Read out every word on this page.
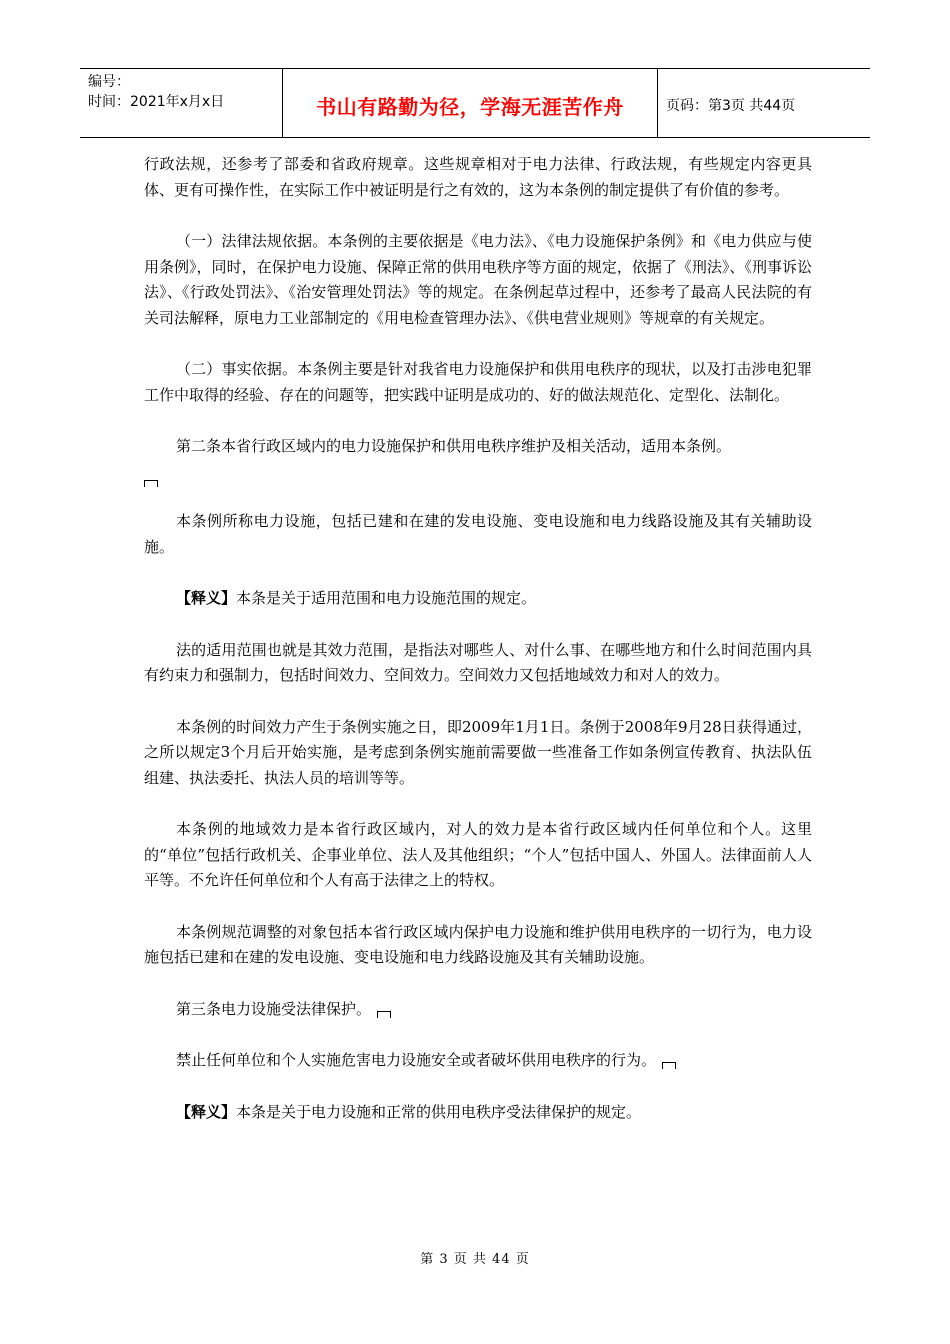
编号：
时间：2021年x月x日	书山有路勤为径，学海无涯苦作舟	页码：第3页 共44页

行政法规，还参考了部委和省政府规章。这些规章相对于电力法律、行政法规，有些规定内容更具体、更有可操作性，在实际工作中被证明是行之有效的，这为本条例的制定提供了有价值的参考。

（一）法律法规依据。本条例的主要依据是《电力法》、《电力设施保护条例》和《电力供应与使用条例》，同时，在保护电力设施、保障正常的供用电秩序等方面的规定，依据了《刑法》、《刑事诉讼法》、《行政处罚法》、《治安管理处罚法》等的规定。在条例起草过程中，还参考了最高人民法院的有关司法解释，原电力工业部制定的《用电检查管理办法》、《供电营业规则》等规章的有关规定。

（二）事实依据。本条例主要是针对我省电力设施保护和供用电秩序的现状，以及打击涉电犯罪工作中取得的经验、存在的问题等，把实践中证明是成功的、好的做法规范化、定型化、法制化。

第二条本省行政区域内的电力设施保护和供用电秩序维护及相关活动，适用本条例。

本条例所称电力设施，包括已建和在建的发电设施、变电设施和电力线路设施及其有关辅助设施。

【释义】本条是关于适用范围和电力设施范围的规定。

法的适用范围也就是其效力范围，是指法对哪些人、对什么事、在哪些地方和什么时间范围内具有约束力和强制力，包括时间效力、空间效力。空间效力又包括地域效力和对人的效力。

本条例的时间效力产生于条例实施之日，即2009年1月1日。条例于2008年9月28日获得通过，之所以规定3个月后开始实施，是考虑到条例实施前需要做一些准备工作如条例宣传教育、执法队伍组建、执法委托、执法人员的培训等等。

本条例的地域效力是本省行政区域内，对人的效力是本省行政区域内任何单位和个人。这里的“单位”包括行政机关、企事业单位、法人及其他组织；“个人”包括中国人、外国人。法律面前人人平等。不允许任何单位和个人有高于法律之上的特权。

本条例规范调整的对象包括本省行政区域内保护电力设施和维护供用电秩序的一切行为，电力设施包括已建和在建的发电设施、变电设施和电力线路设施及其有关辅助设施。

第三条电力设施受法律保护。

禁止任何单位和个人实施危害电力设施安全或者破坏供用电秩序的行为。

【释义】本条是关于电力设施和正常的供用电秩序受法律保护的规定。

第 3 页 共 44 页
